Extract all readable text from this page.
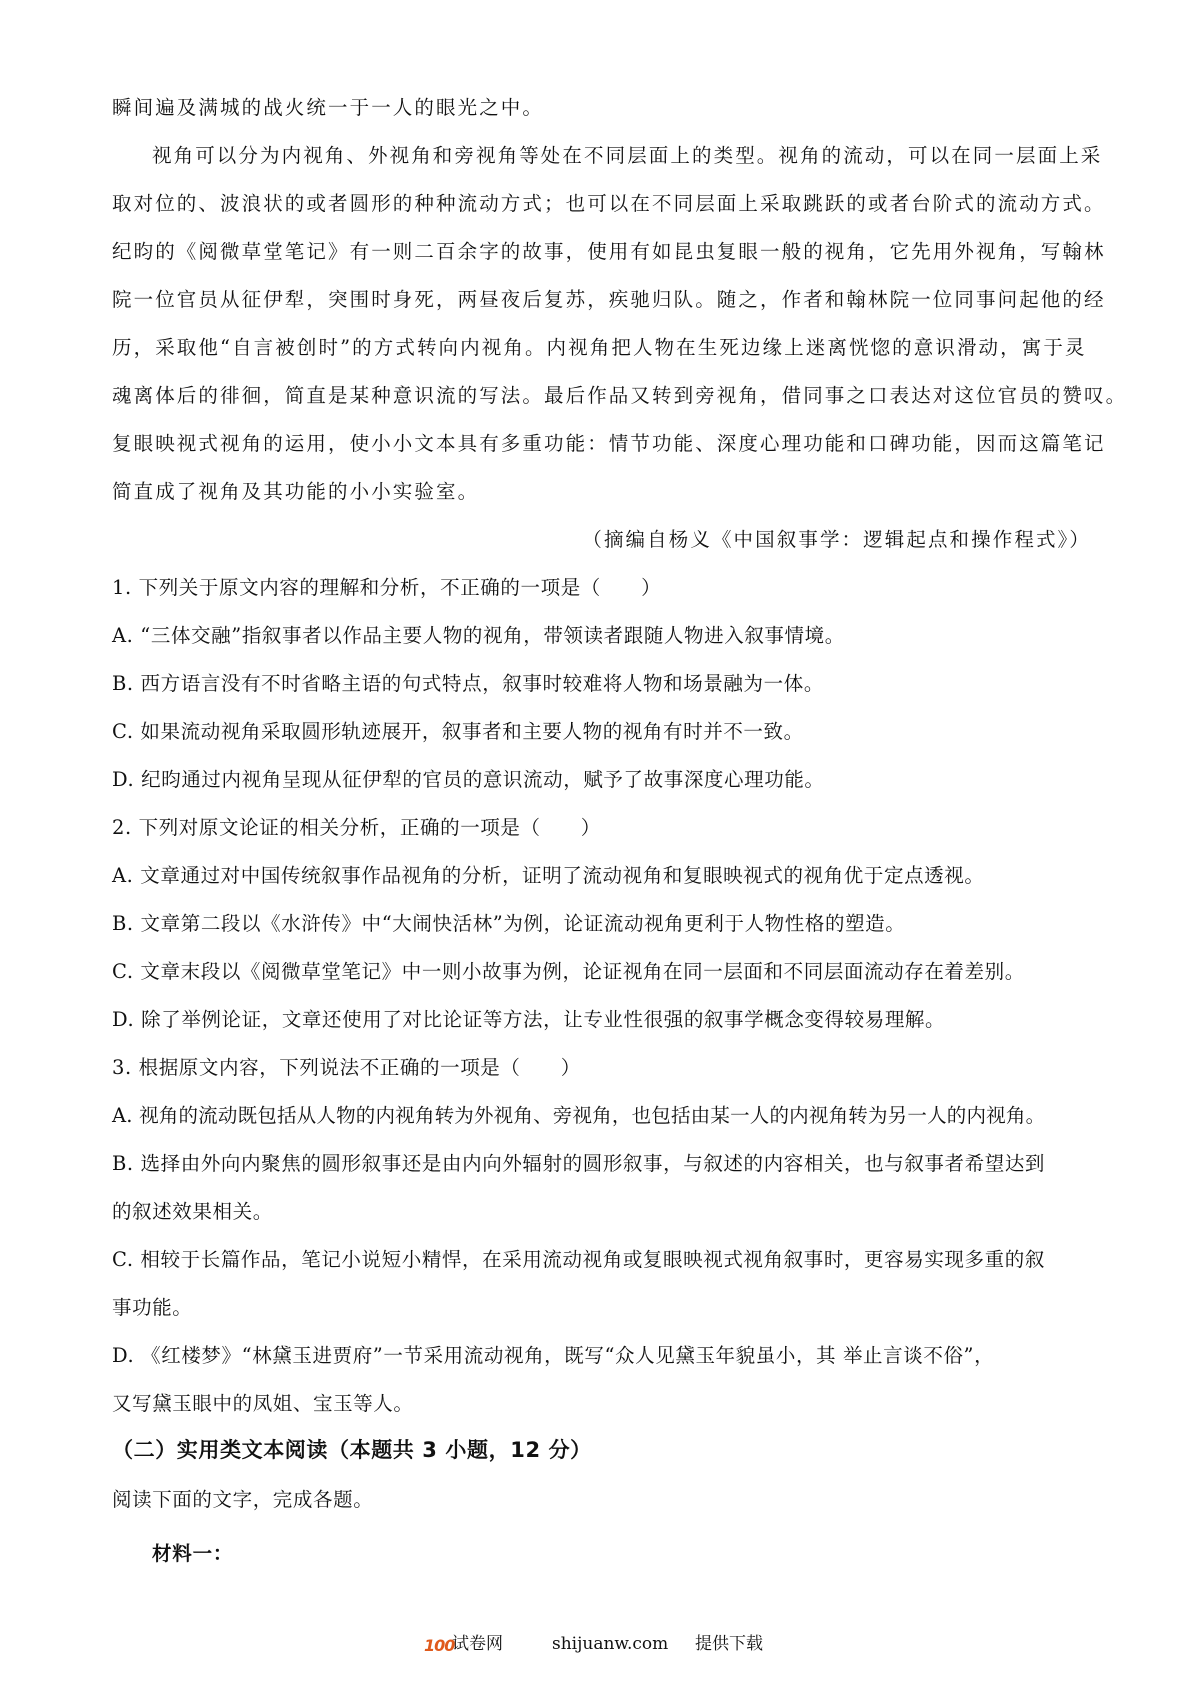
瞬间遍及满城的战火统一于一人的眼光之中。
视角可以分为内视角、外视角和旁视角等处在不同层面上的类型。视角的流动，可以在同一层面上采
取对位的、波浪状的或者圆形的种种流动方式；也可以在不同层面上采取跳跃的或者台阶式的流动方式。
纪昀的《阅微草堂笔记》有一则二百余字的故事，使用有如昆虫复眼一般的视角，它先用外视角，写翰林
院一位官员从征伊犁，突围时身死，两昼夜后复苏，疾驰归队。随之，作者和翰林院一位同事问起他的经
历，采取他“自言被创时”的方式转向内视角。内视角把人物在生死边缘上迷离恍惚的意识滑动，寓于灵
魂离体后的徘徊，简直是某种意识流的写法。最后作品又转到旁视角，借同事之口表达对这位官员的赞叹。
复眼映视式视角的运用，使小小文本具有多重功能：情节功能、深度心理功能和口碑功能，因而这篇笔记
简直成了视角及其功能的小小实验室。
（摘编自杨义《中国叙事学：逻辑起点和操作程式》）
1. 下列关于原文内容的理解和分析，不正确的一项是（　　）
A. “三体交融”指叙事者以作品主要人物的视角，带领读者跟随人物进入叙事情境。
B. 西方语言没有不时省略主语的句式特点，叙事时较难将人物和场景融为一体。
C. 如果流动视角采取圆形轨迹展开，叙事者和主要人物的视角有时并不一致。
D. 纪昀通过内视角呈现从征伊犁的官员的意识流动，赋予了故事深度心理功能。
2. 下列对原文论证的相关分析，正确的一项是（　　）
A. 文章通过对中国传统叙事作品视角的分析，证明了流动视角和复眼映视式的视角优于定点透视。
B. 文章第二段以《水浒传》中“大闹快活林”为例，论证流动视角更利于人物性格的塑造。
C. 文章末段以《阅微草堂笔记》中一则小故事为例，论证视角在同一层面和不同层面流动存在着差别。
D. 除了举例论证，文章还使用了对比论证等方法，让专业性很强的叙事学概念变得较易理解。
3. 根据原文内容，下列说法不正确的一项是（　　）
A. 视角的流动既包括从人物的内视角转为外视角、旁视角，也包括由某一人的内视角转为另一人的内视角。
B. 选择由外向内聚焦的圆形叙事还是由内向外辐射的圆形叙事，与叙述的内容相关，也与叙事者希望达到
的叙述效果相关。
C. 相较于长篇作品，笔记小说短小精悍，在采用流动视角或复眼映视式视角叙事时，更容易实现多重的叙
事功能。
D. 《红楼梦》“林黛玉进贾府”一节采用流动视角，既写“众人见黛玉年貌虽小，其 举止言谈不俗”，
又写黛玉眼中的凤姐、宝玉等人。
（二）实用类文本阅读（本题共 3 小题，12 分）
阅读下面的文字，完成各题。
材料一：
100
试卷网	shijuanw.com 提供下载
